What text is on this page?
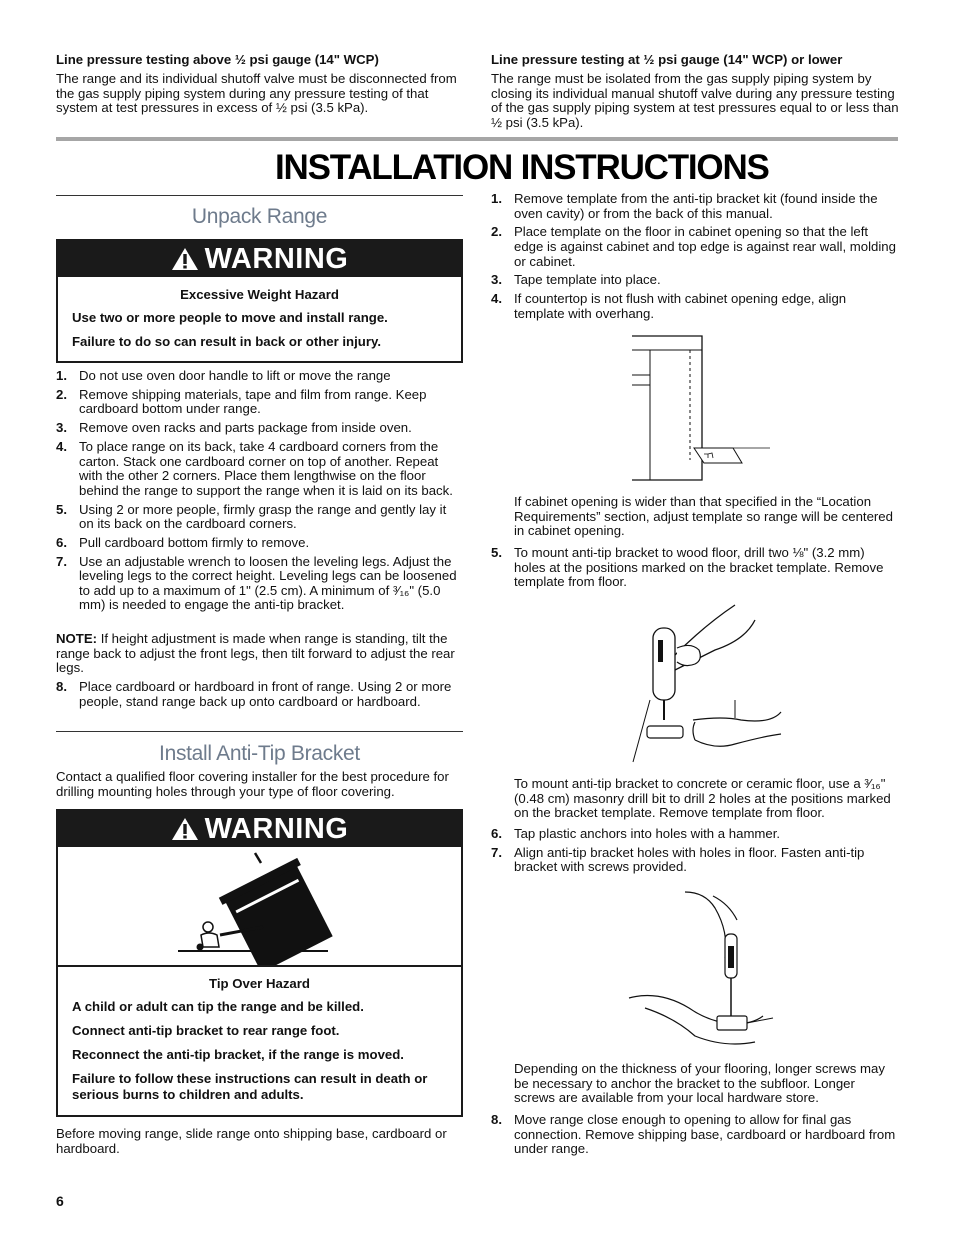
Line pressure testing above ½ psi gauge (14" WCP)
The range and its individual shutoff valve must be disconnected from the gas supply piping system during any pressure testing of that system at test pressures in excess of ½ psi (3.5 kPa).
Line pressure testing at ½ psi gauge (14" WCP) or lower
The range must be isolated from the gas supply piping system by closing its individual manual shutoff valve during any pressure testing of the gas supply piping system at test pressures equal to or less than ½ psi (3.5 kPa).
INSTALLATION INSTRUCTIONS
Unpack Range
WARNING
Excessive Weight Hazard
Use two or more people to move and install range.
Failure to do so can result in back or other injury.
1. Do not use oven door handle to lift or move the range
2. Remove shipping materials, tape and film from range. Keep cardboard bottom under range.
3. Remove oven racks and parts package from inside oven.
4. To place range on its back, take 4 cardboard corners from the carton. Stack one cardboard corner on top of another. Repeat with the other 2 corners. Place them lengthwise on the floor behind the range to support the range when it is laid on its back.
5. Using 2 or more people, firmly grasp the range and gently lay it on its back on the cardboard corners.
6. Pull cardboard bottom firmly to remove.
7. Use an adjustable wrench to loosen the leveling legs. Adjust the leveling legs to the correct height. Leveling legs can be loosened to add up to a maximum of 1" (2.5 cm). A minimum of ³⁄₁₆" (5.0 mm) is needed to engage the anti-tip bracket.
NOTE: If height adjustment is made when range is standing, tilt the range back to adjust the front legs, then tilt forward to adjust the rear legs.
8. Place cardboard or hardboard in front of range. Using 2 or more people, stand range back up onto cardboard or hardboard.
Install Anti-Tip Bracket
Contact a qualified floor covering installer for the best procedure for drilling mounting holes through your type of floor covering.
WARNING
Tip Over Hazard
A child or adult can tip the range and be killed.
Connect anti-tip bracket to rear range foot.
Reconnect the anti-tip bracket, if the range is moved.
Failure to follow these instructions can result in death or serious burns to children and adults.
Before moving range, slide range onto shipping base, cardboard or hardboard.
1. Remove template from the anti-tip bracket kit (found inside the oven cavity) or from the back of this manual.
2. Place template on the floor in cabinet opening so that the left edge is against cabinet and top edge is against rear wall, molding or cabinet.
3. Tape template into place.
4. If countertop is not flush with cabinet opening edge, align template with overhang.
If cabinet opening is wider than that specified in the “Location Requirements” section, adjust template so range will be centered in cabinet opening.
5. To mount anti-tip bracket to wood floor, drill two ⅛" (3.2 mm) holes at the positions marked on the bracket template. Remove template from floor.
To mount anti-tip bracket to concrete or ceramic floor, use a ³⁄₁₆" (0.48 cm) masonry drill bit to drill 2 holes at the positions marked on the bracket template. Remove template from floor.
6. Tap plastic anchors into holes with a hammer.
7. Align anti-tip bracket holes with holes in floor. Fasten anti-tip bracket with screws provided.
Depending on the thickness of your flooring, longer screws may be necessary to anchor the bracket to the subfloor. Longer screws are available from your local hardware store.
8. Move range close enough to opening to allow for final gas connection. Remove shipping base, cardboard or hardboard from under range.
6
